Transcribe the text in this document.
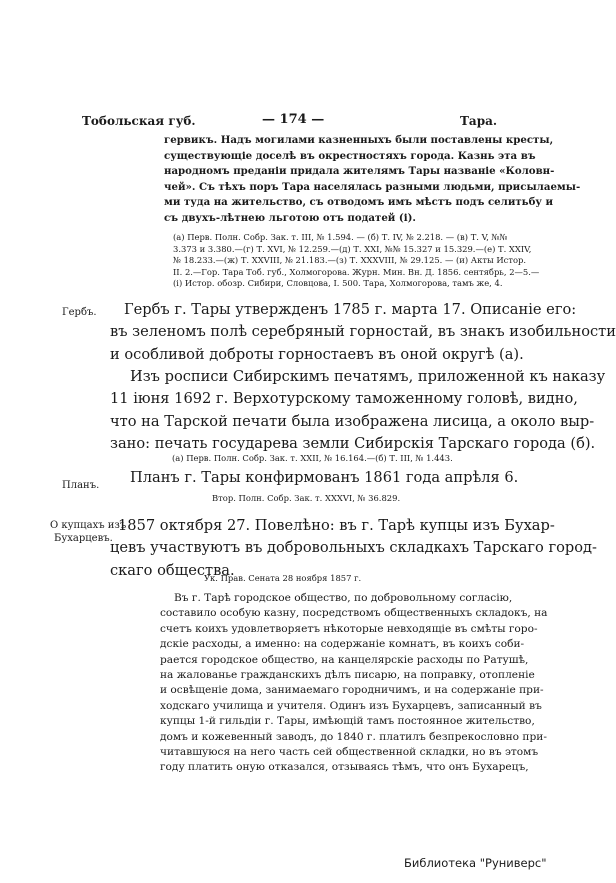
Тобольская губ.	— 174 —	Тара.
гервикъ. Надъ могилами казненныхъ были поставлены кресты,
существующіе доселѣ въ окрестностяхъ города. Казнь эта въ
народномъ преданіи придала жителямъ Тары названіе «Коловн-
чей». Съ тѣхъ поръ Тара населялась разными людьми, присылаемы-
ми туда на жительство, съ отводомъ имъ мѣстъ подъ селитьбу и
съ двухъ-лѣтнею льготою отъ податей (і).
(а) Перв. Полн. Собр. Зак. т. III, № 1.594. — (б) Т. IV, № 2.218. — (в) Т. V, №№
3.373 и 3.380.—(г) Т. XVI, № 12.259.—(д) Т. XXI, №№ 15.327 и 15.329.—(е) Т. XXIV,
№ 18.233.—(ж) Т. XXVIII, № 21.183.—(з) Т. XXXVIII, № 29.125. — (и) Акты Истор.
II. 2.—Гор. Тара Тоб. губ., Холмогорова. Журн. Мин. Вн. Д. 1856. сентябрь, 2—5.—
(і) Истор. обозр. Сибири, Словцова, I. 500. Тара, Холмогорова, тамъ же, 4.
Гербъ.	Гербъ г. Тары утвержденъ 1785 г. марта 17. Описаніе его:
въ зеленомъ полѣ серебряный горностай, въ знакъ изобильности
и особливой доброты горностаевъ въ оной округѣ (а).
Изъ росписи Сибирскимъ печатямъ, приложенной къ наказу
11 іюня 1692 г. Верхотурскому таможенному головѣ, видно,
что на Тарской печати была изображена лисица, а около выр-
зано: печать государева земли Сибирскія Тарскаго города (б).
(а) Перв. Полн. Собр. Зак. т. XXII, № 16.164.—(б) Т. III, № 1.443.
Планъ. Планъ г. Тары конфирмованъ 1861 года апрѣля 6.
Втор. Полн. Собр. Зак. т. XXXVI, № 36.829.
О купцахъ изъ
Бухарцевъ.
1857 октября 27. Повелѣно: въ г. Тарѣ купцы изъ Бухар-
цевъ участвуютъ въ добровольныхъ складкахъ Тарскаго город-
скаго общества.
Ук. Прав. Сената 28 ноября 1857 г.
Въ г. Тарѣ городское общество, по добровольному согласію,
составило особую казну, посредствомъ общественныхъ складокъ, на
счетъ коихъ удовлетворяетъ нѣкоторые невходящіе въ смѣты горо-
дскіе расходы, а именно: на содержаніе комнатъ, въ коихъ соби-
рается городское общество, на канцелярскіе расходы по Ратушѣ,
на жалованье гражданскихъ дѣлъ писарю, на поправку, отопленіе
и освѣщеніе дома, занимаемаго городничимъ, и на содержаніе при-
ходскаго училища и учителя. Одинъ изъ Бухарцевъ, записанный въ
купцы 1-й гильдіи г. Тары, имѣющій тамъ постоянное жительство,
домъ и кожевенный заводъ, до 1840 г. платилъ безпрекословно при-
читавшуюся на него часть сей общественной складки, но въ этомъ
году платить оную отказался, отзываясь тѣмъ, что онъ Бухарецъ,
Библиотека "Руниверс"
